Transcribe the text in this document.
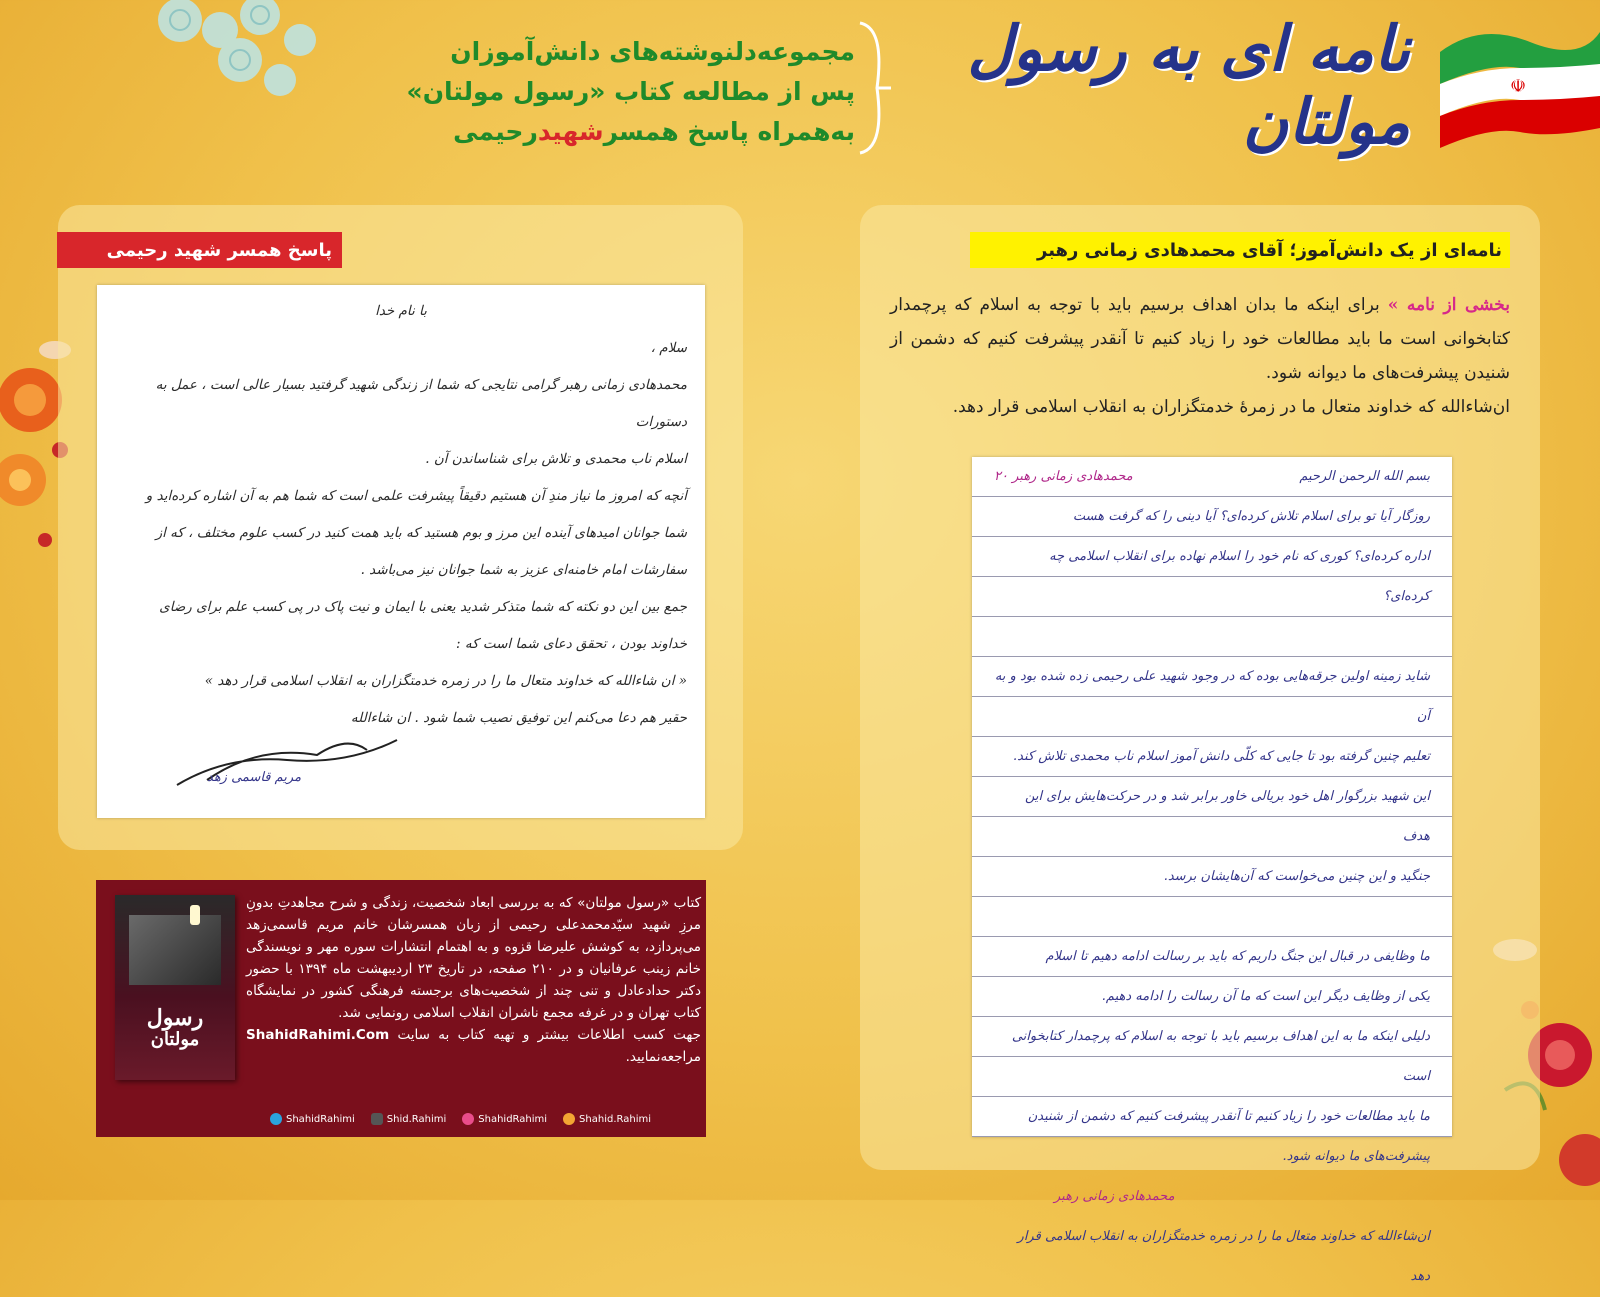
☫
نامه ای به رسول مولتان
مجموعه‌دلنوشته‌های دانش‌آموزان
پس از مطالعه کتاب «رسول مولتان»
به‌همراه پاسخ همسرشهیدرحیمی
نامه‌ای از یک دانش‌آموز؛ آقای محمدهادی زمانی رهبر
بخشی از نامه » برای اینکه ما بدان اهداف برسیم باید با توجه به اسلام که پرچمدار کتابخوانی است ما باید مطالعات خود را زیاد کنیم تا آنقدر پیشرفت کنیم که دشمن از شنیدن پیشرفت‌های ما دیوانه شود.
ان‌شاءالله که خداوند متعال ما در زمرهٔ خدمتگزاران به انقلاب اسلامی قرار دهد.
بسم الله الرحمن الرحیم
محمدهادی زمانی رهبر ۲۰
روزگار آیا تو برای اسلام تلاش کرده‌ای؟ آیا دینی را که گرفت هست
اداره کرده‌ای؟ کوری که نام خود را اسلام نهاده برای انقلاب اسلامی چه
کرده‌ای؟
شاید زمینه اولین جرقه‌هایی بوده که در وجود شهید علی رحیمی زده شده بود و به آن
تعلیم چنین گرفته بود تا جایی که کلّی دانش آموز اسلام ناب محمدی تلاش کند.
این شهید بزرگوار اهل خود بریالی خاور برابر شد و در حرکت‌هایش برای این هدف
جنگید و این چنین می‌خواست که آن‌هایشان برسد.
ما وظایفی در قبال این جنگ داریم که باید بر رسالت ادامه دهیم تا اسلام
یکی از وظایف دیگر این است که ما آن رسالت را ادامه دهیم.
دلیلی اینکه ما به این اهداف برسیم باید با توجه به اسلام که پرچمدار کتابخوانی است
ما باید مطالعات خود را زیاد کنیم تا آنقدر پیشرفت کنیم که دشمن از شنیدن
پیشرفت‌های ما دیوانه شود.
محمدهادی زمانی رهبر
ان‌شاءالله که خداوند متعال ما را در زمره خدمتگزاران به انقلاب اسلامی قرار دهد
پاسخ همسر شهید رحیمی
با نام خدا
سلام ،
محمدهادی زمانی رهبر گرامی نتایجی که شما از زندگی شهید گرفتید بسیار عالی است ، عمل به دستورات
اسلام ناب محمدی و تلاش برای شناساندن آن .
آنچه که امروز ما نیاز مندِ آن هستیم دقیقاً پیشرفت علمی است که شما هم به آن اشاره کرده‌اید و
شما جوانان امیدهای آینده این مرز و بوم هستید که باید همت کنید در کسب علوم مختلف ، که از
سفارشات امام خامنه‌ای عزیز به شما جوانان نیز می‌باشد .
جمع بین این دو نکته که شما متذکر شدید یعنی با ایمان و نیت پاک در پی کسب علم برای رضای
خداوند بودن ، تحقق دعای شما است که :
« ان شاءالله که خداوند متعال ما را در زمره خدمتگزاران به انقلاب اسلامی قرار دهد »
حقیر هم دعا می‌کنم این توفیق نصیب شما شود . ان شاءالله
مریم قاسمی زهد
رسول
مولتان
کتاب «رسول مولتان» که به بررسی ابعاد شخصیت، زندگی و شرح مجاهدتِ بدونِ مرزِ شهید سیّدمحمدعلی رحیمی از زبان همسرشان خانم مریم قاسمی‌زهد می‌پردازد، به کوشش علیرضا قزوه و به اهتمام انتشارات سوره مهر و نویسندگی خانم زینب عرفانیان و در ۲۱۰ صفحه، در تاریخ ۲۳ اردیبهشت ماه ۱۳۹۴ با حضور دکتر حدادعادل و تنی چند از شخصیت‌های برجسته فرهنگی کشور در نمایشگاه کتاب تهران و در غرفه مجمع ناشران انقلاب اسلامی رونمایی شد.
جهت کسب اطلاعات بیشتر و تهیه کتاب به سایت ShahidRahimi.Com مراجعه‌نمایید.
ShahidRahimi	Shid.Rahimi	ShahidRahimi	Shahid.Rahimi
